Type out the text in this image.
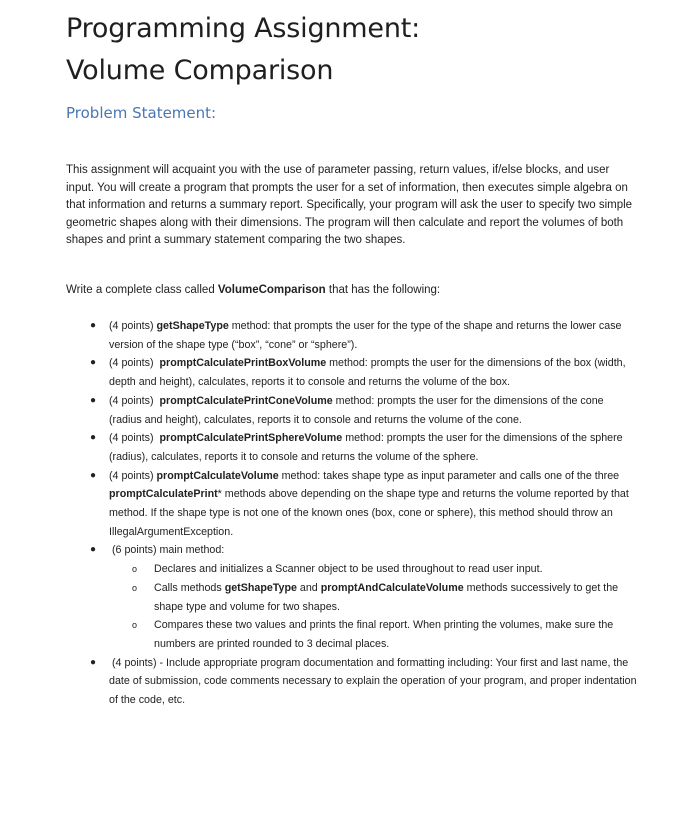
Programming Assignment:
Volume Comparison
Problem Statement:

This assignment will acquaint you with the use of parameter passing, return values, if/else blocks, and user input. You will create a program that prompts the user for a set of information, then executes simple algebra on that information and returns a summary report. Specifically, your program will ask the user to specify two simple geometric shapes along with their dimensions. The program will then calculate and report the volumes of both shapes and print a summary statement comparing the two shapes.

Write a complete class called VolumeComparison that has the following:

● (4 points) getShapeType method: that prompts the user for the type of the shape and returns the lower case version of the shape type (“box”, “cone” or “sphere”).
● (4 points)  promptCalculatePrintBoxVolume method: prompts the user for the dimensions of the box (width, depth and height), calculates, reports it to console and returns the volume of the box.
● (4 points)  promptCalculatePrintConeVolume method: prompts the user for the dimensions of the cone (radius and height), calculates, reports it to console and returns the volume of the cone.
● (4 points)  promptCalculatePrintSphereVolume method: prompts the user for the dimensions of the sphere (radius), calculates, reports it to console and returns the volume of the sphere.
● (4 points) promptCalculateVolume method: takes shape type as input parameter and calls one of the three promptCalculatePrint* methods above depending on the shape type and returns the volume reported by that method. If the shape type is not one of the known ones (box, cone or sphere), this method should throw an IllegalArgumentException.
● (6 points) main method:
o Declares and initializes a Scanner object to be used throughout to read user input.
o Calls methods getShapeType and promptAndCalculateVolume methods successively to get the shape type and volume for two shapes.
o Compares these two values and prints the final report. When printing the volumes, make sure the numbers are printed rounded to 3 decimal places.
● (4 points) - Include appropriate program documentation and formatting including: Your first and last name, the date of submission, code comments necessary to explain the operation of your program, and proper indentation of the code, etc.
